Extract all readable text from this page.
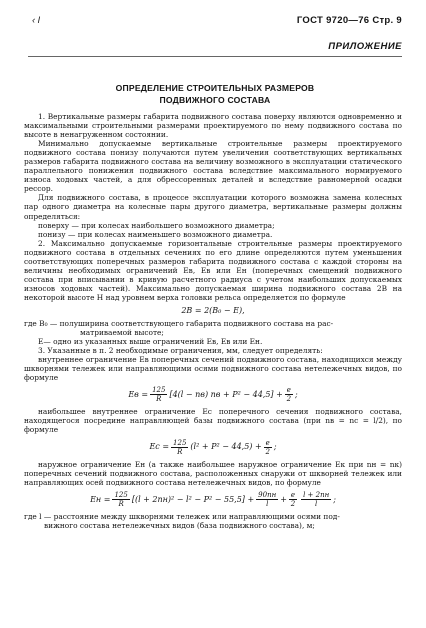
‹ l	ГОСТ 9720—76 Стр. 9
ПРИЛОЖЕНИЕ
ОПРЕДЕЛЕНИЕ СТРОИТЕЛЬНЫХ РАЗМЕРОВ
ПОДВИЖНОГО СОСТАВА

1. Вертикальные размеры габарита подвижного состава поверху являются одновременно и максимальными строительными размерами проектируемого по нему подвижного состава по высоте в ненагруженном состоянии.

Минимально допускаемые вертикальные строительные размеры проектируемого подвижного состава понизу получаются путем увеличения соответствующих вертикальных размеров габарита подвижного состава на величину возможного в эксплуатации статического параллельного понижения подвижного состава вследствие максимального нормируемого износа ходовых частей, а для обрессоренных деталей и вследствие равномерной осадки рессор.

Для подвижного состава, в процессе эксплуатации которого возможна замена колесных пар одного диаметра на колесные пары другого диаметра, вертикальные размеры должны определяться:

поверху — при колесах наибольшего возможного диаметра;

понизу — при колесах наименьшего возможного диаметра.

2. Максимально допускаемые горизонтальные строительные размеры проектируемого подвижного состава в отдельных сечениях по его длине определяются путем уменьшения соответствующих поперечных размеров габарита подвижного состава с каждой стороны на величины необходимых ограничений Eв, Eв или Eн (поперечных смещений подвижного состава при вписывании в кривую расчетного радиуса с учетом наибольших допускаемых износов ходовых частей). Максимально допускаемая ширина подвижного состава 2B на некоторой высоте H над уровнем верха головки рельса определяется по формуле

2B = 2(B₀ − E),

где B₀ — полуширина соответствующего габарита подвижного состава на рас-

матриваемой высоте;

E— одно из указанных выше ограничений Eв, Eв или Eн.

3. Указанные в п. 2 необходимые ограничения, мм, следует определять:

внутреннее ограничение Eв поперечных сечений подвижного состава, находящихся между шкворнями тележек или направляющими осями подвижного состава нетележечных видов, по формуле

Eв = $\frac{125}{R} [4(l - nв)$ nв + $P^2 - 44,5] + \frac{e}{2}$ ;

наибольшее внутреннее ограничение Ec поперечного сечения подвижного состава, находящегося посредине направляющей базы подвижного состава (при nв = nс = l/2), по формуле

$Ec = \frac{125}{R} (l^2 + P^2 - 44,5) + \frac{e}{2}$ ;

наружное ограничение Eн (а также наибольшее наружное ограничение Eк при nн = nк) поперечных сечений подвижного состава, расположенных снаружи от шкворней тележек или направляющих осей подвижного состава нетележечных видов, по формуле

Eн = $\frac{125}{R} [(l + 2nн)^2 - l^2 - P^2 - 55,5] + \frac{90nн}{l} + \frac{e}{2} \frac{l + 2nн}{l}$ ;

где l — расстояние между шкворнями тележек или направляющими осями под-

вижного состава нетележечных видов (база подвижного состава), м;
